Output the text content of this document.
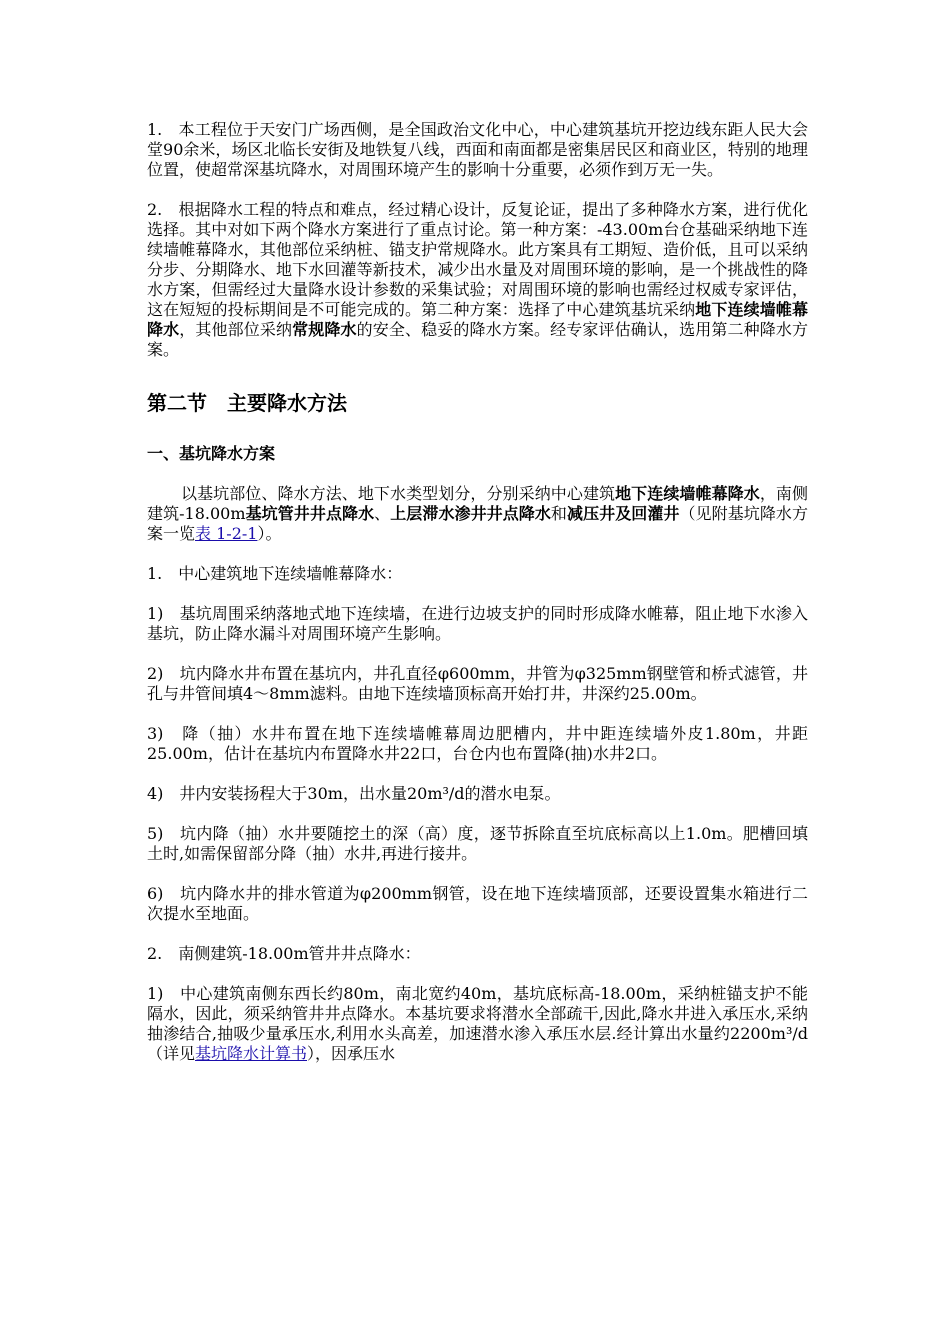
1.　本工程位于天安门广场西侧，是全国政治文化中心，中心建筑基坑开挖边线东距人民大会堂90余米，场区北临长安街及地铁复八线，西面和南面都是密集居民区和商业区，特别的地理位置，使超常深基坑降水，对周围环境产生的影响十分重要，必须作到万无一失。

2.　根据降水工程的特点和难点，经过精心设计，反复论证，提出了多种降水方案，进行优化选择。其中对如下两个降水方案进行了重点讨论。第一种方案：-43.00m台仓基础采纳地下连续墙帷幕降水，其他部位采纳桩、锚支护常规降水。此方案具有工期短、造价低，且可以采纳分步、分期降水、地下水回灌等新技术，减少出水量及对周围环境的影响，是一个挑战性的降水方案，但需经过大量降水设计参数的采集试验；对周围环境的影响也需经过权威专家评估，这在短短的投标期间是不可能完成的。第二种方案：选择了中心建筑基坑采纳地下连续墙帷幕降水，其他部位采纳常规降水的安全、稳妥的降水方案。经专家评估确认，选用第二种降水方案。

第二节　主要降水方法
一、基坑降水方案

以基坑部位、降水方法、地下水类型划分，分别采纳中心建筑地下连续墙帷幕降水，南侧建筑-18.00m基坑管井井点降水、上层滞水渗井井点降水和减压井及回灌井（见附基坑降水方案一览表 1-2-1）。

1.　中心建筑地下连续墙帷幕降水：

1)　基坑周围采纳落地式地下连续墙，在进行边坡支护的同时形成降水帷幕，阻止地下水渗入基坑，防止降水漏斗对周围环境产生影响。

2)　坑内降水井布置在基坑内，井孔直径φ600mm，井管为φ325mm钢壁管和桥式滤管，井孔与井管间填4～8mm滤料。由地下连续墙顶标高开始打井，井深约25.00m。

3)　降（抽）水井布置在地下连续墙帷幕周边肥槽内，井中距连续墙外皮1.80m，井距25.00m，估计在基坑内布置降水井22口，台仓内也布置降(抽)水井2口。

4)　井内安装扬程大于30m，出水量20m³/d的潜水电泵。

5)　坑内降（抽）水井要随挖土的深（高）度，逐节拆除直至坑底标高以上1.0m。肥槽回填土时,如需保留部分降（抽）水井,再进行接井。

6)　坑内降水井的排水管道为φ200mm钢管，设在地下连续墙顶部，还要设置集水箱进行二次提水至地面。

2.　南侧建筑-18.00m管井井点降水：

1)　中心建筑南侧东西长约80m，南北宽约40m，基坑底标高-18.00m，采纳桩锚支护不能隔水，因此，须采纳管井井点降水。本基坑要求将潜水全部疏干,因此,降水井进入承压水,采纳抽渗结合,抽吸少量承压水,利用水头高差，加速潜水渗入承压水层.经计算出水量约2200m³/d（详见基坑降水计算书），因承压水
